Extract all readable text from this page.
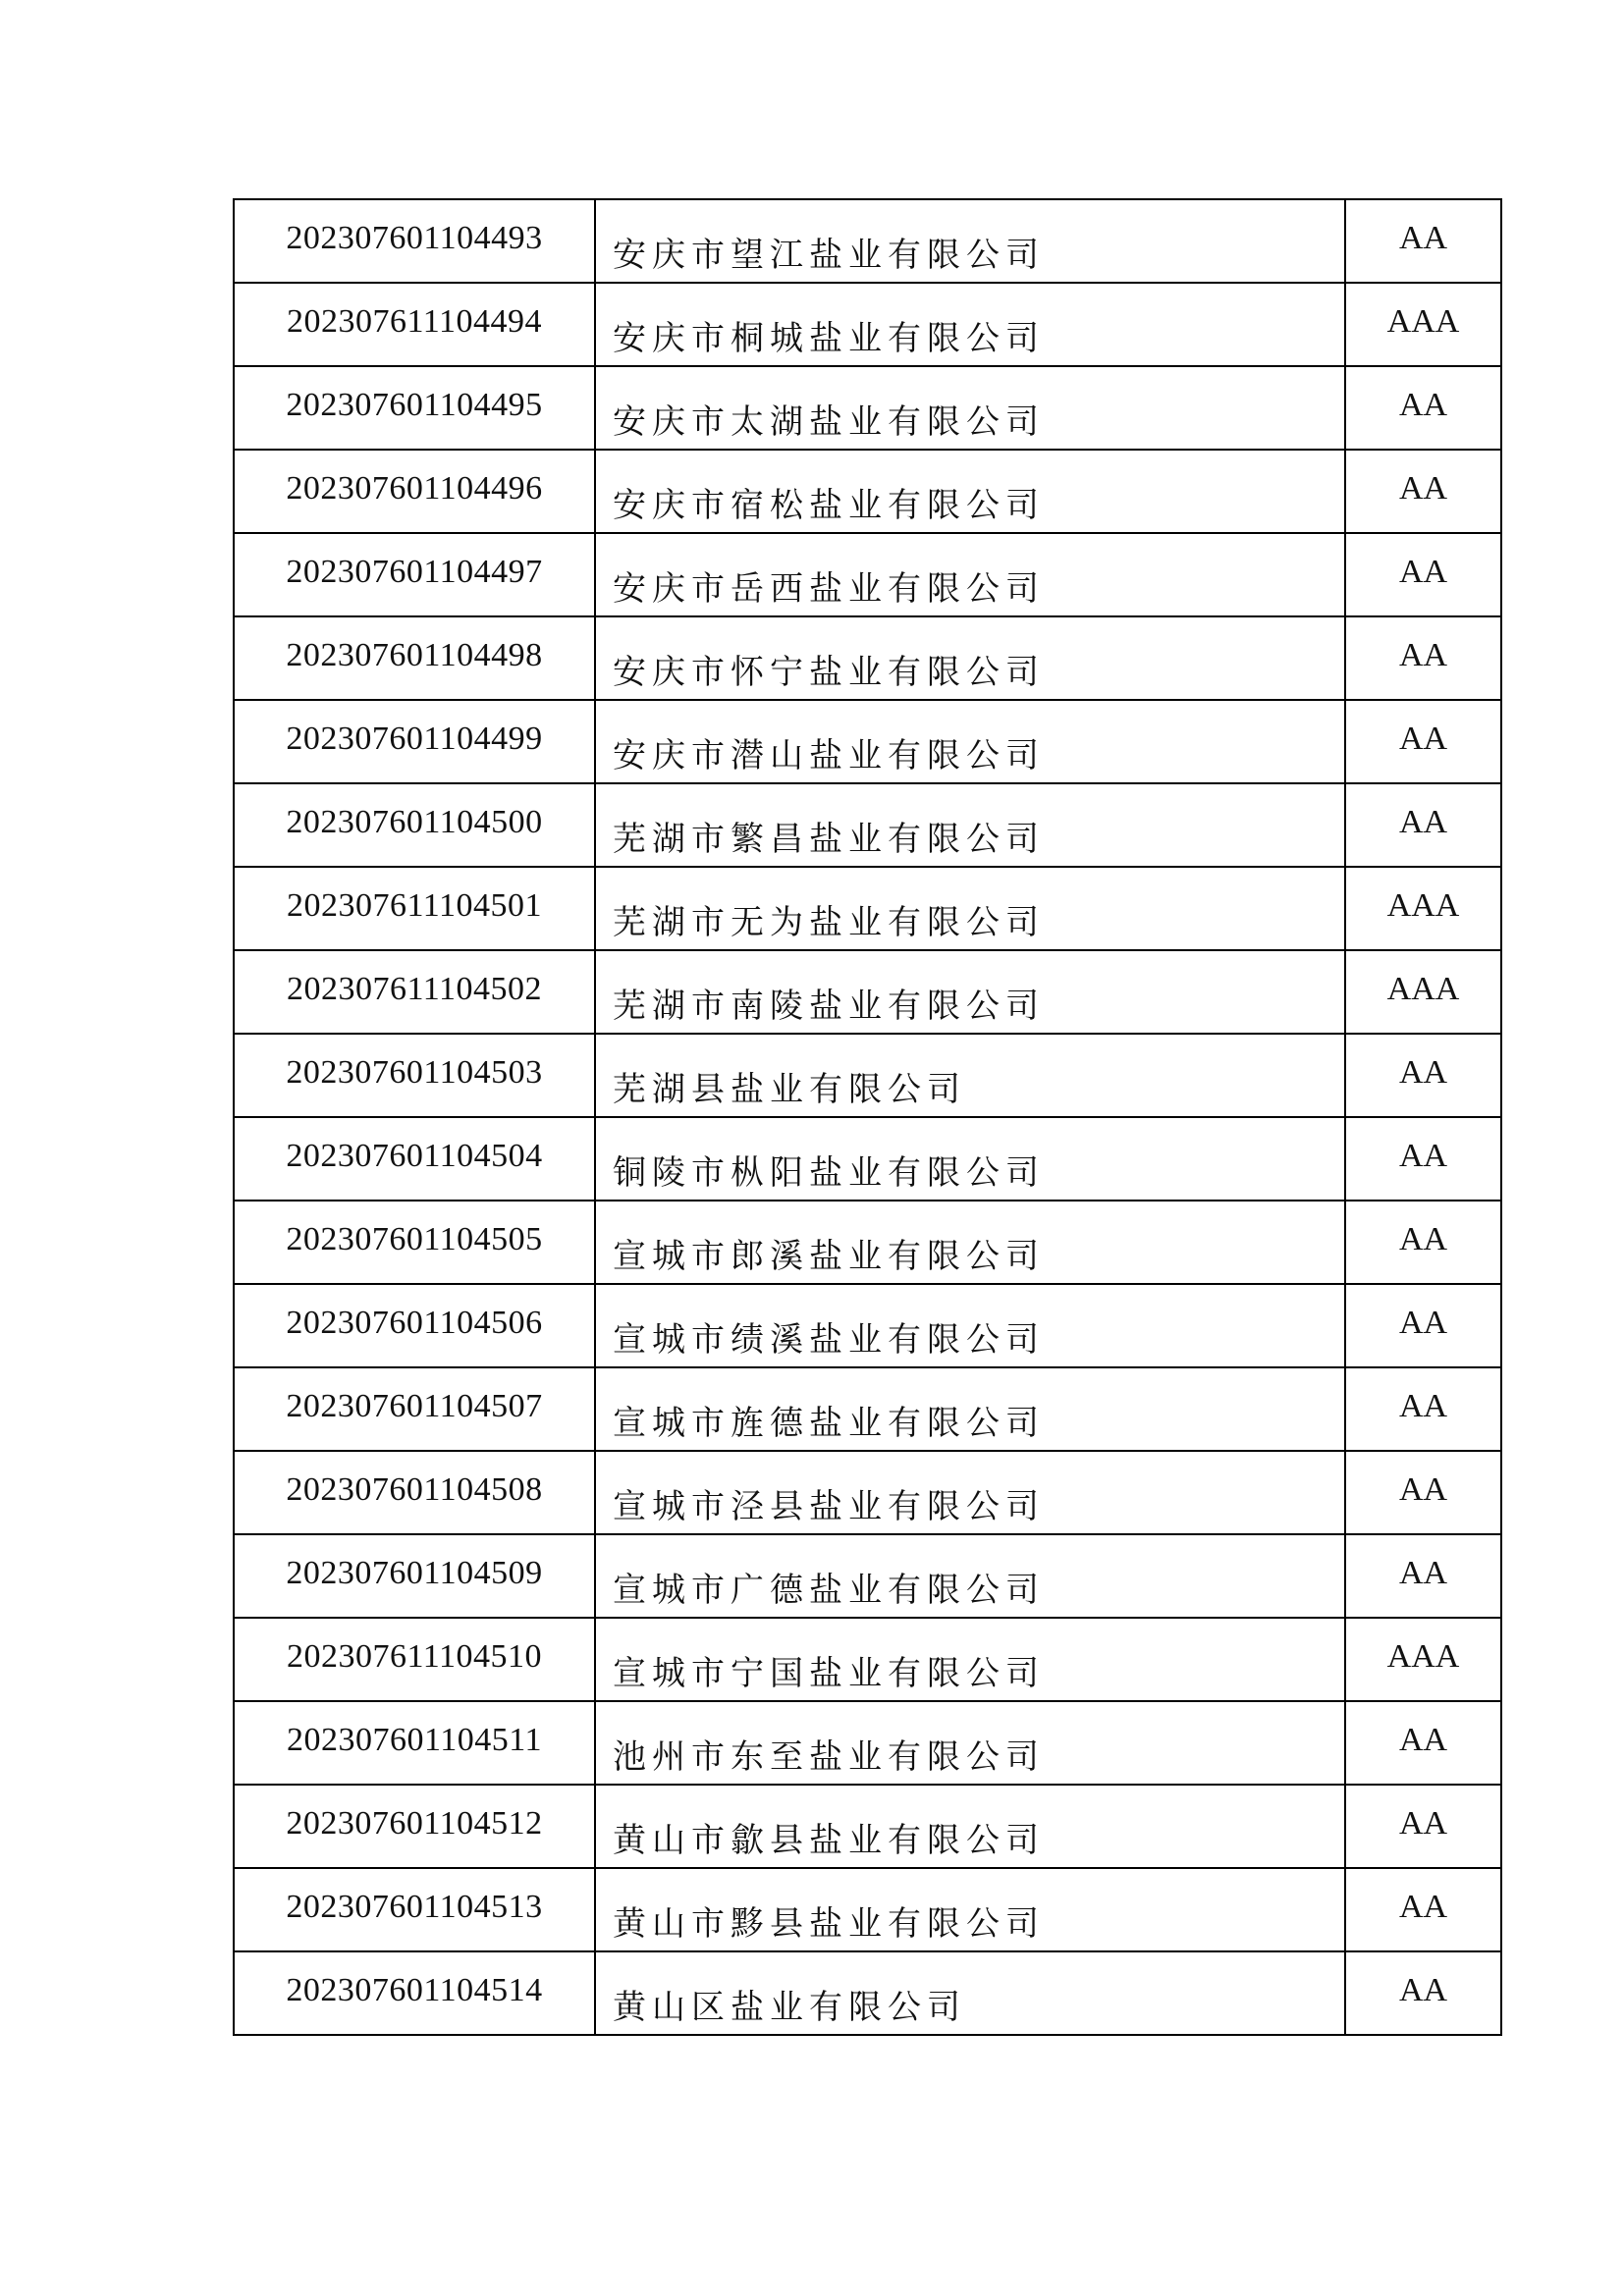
202307601104493	安庆市望江盐业有限公司	AA
202307611104494	安庆市桐城盐业有限公司	AAA
202307601104495	安庆市太湖盐业有限公司	AA
202307601104496	安庆市宿松盐业有限公司	AA
202307601104497	安庆市岳西盐业有限公司	AA
202307601104498	安庆市怀宁盐业有限公司	AA
202307601104499	安庆市潜山盐业有限公司	AA
202307601104500	芜湖市繁昌盐业有限公司	AA
202307611104501	芜湖市无为盐业有限公司	AAA
202307611104502	芜湖市南陵盐业有限公司	AAA
202307601104503	芜湖县盐业有限公司	AA
202307601104504	铜陵市枞阳盐业有限公司	AA
202307601104505	宣城市郎溪盐业有限公司	AA
202307601104506	宣城市绩溪盐业有限公司	AA
202307601104507	宣城市旌德盐业有限公司	AA
202307601104508	宣城市泾县盐业有限公司	AA
202307601104509	宣城市广德盐业有限公司	AA
202307611104510	宣城市宁国盐业有限公司	AAA
202307601104511	池州市东至盐业有限公司	AA
202307601104512	黄山市歙县盐业有限公司	AA
202307601104513	黄山市黟县盐业有限公司	AA
202307601104514	黄山区盐业有限公司	AA
